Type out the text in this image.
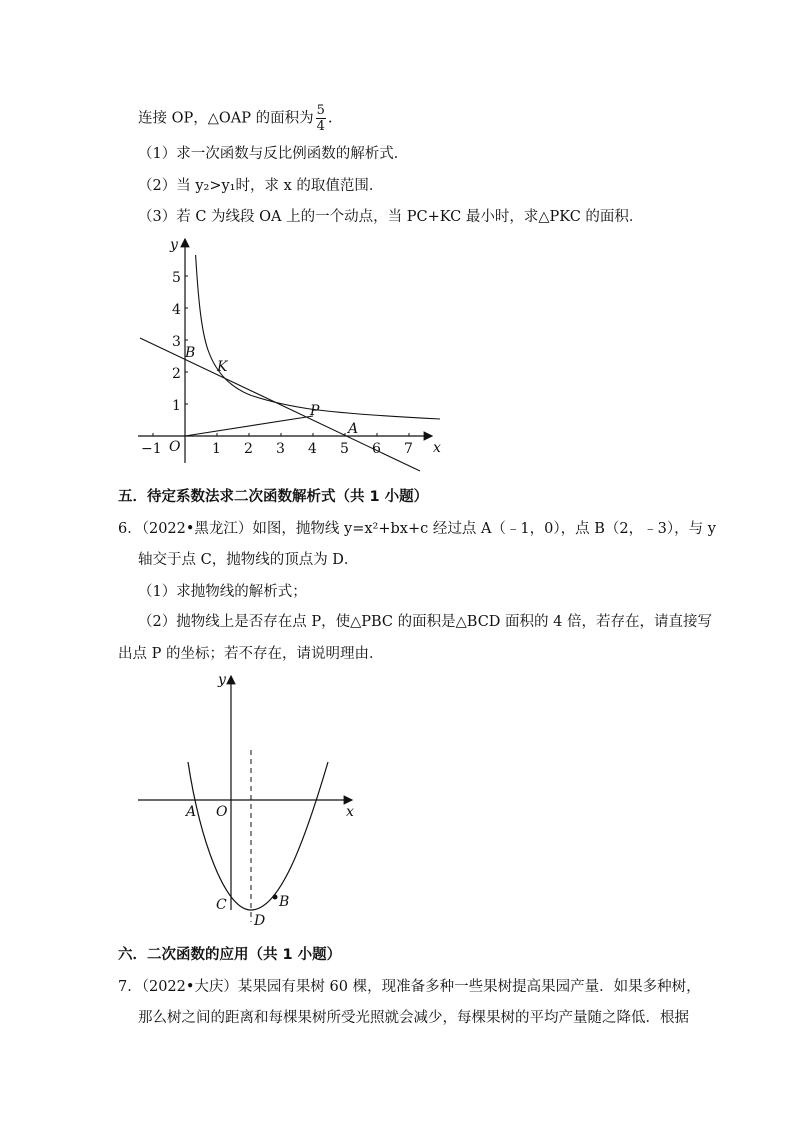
连接 OP，△OAP 的面积为 $\frac{5}{4}$ .
（1）求一次函数与反比例函数的解析式．
（2）当 y₂>y₁时，求 x 的取值范围．
（3）若 C 为线段 OA 上的一个动点，当 PC+KC 最小时，求△PKC 的面积．
−1	1 2 3 4 5 6 7
1
2
3
4
5
O	x
y
B
K
P
A
五．待定系数法求二次函数解析式（共 1 小题）
6．（2022•黑龙江）如图，抛物线 y=x²+bx+c 经过点 A（﹣1，0），点 B（2，﹣3），与 y
轴交于点 C，抛物线的顶点为 D．
（1）求抛物线的解析式；
（2）抛物线上是否存在点 P，使△PBC 的面积是△BCD 面积的 4 倍，若存在，请直接写
出点 P 的坐标；若不存在，请说明理由．
y
x
O
A
B
C
D
六．二次函数的应用（共 1 小题）
7．（2022•大庆）某果园有果树 60 棵，现准备多种一些果树提高果园产量．如果多种树，
那么树之间的距离和每棵果树所受光照就会减少，每棵果树的平均产量随之降低．根据
